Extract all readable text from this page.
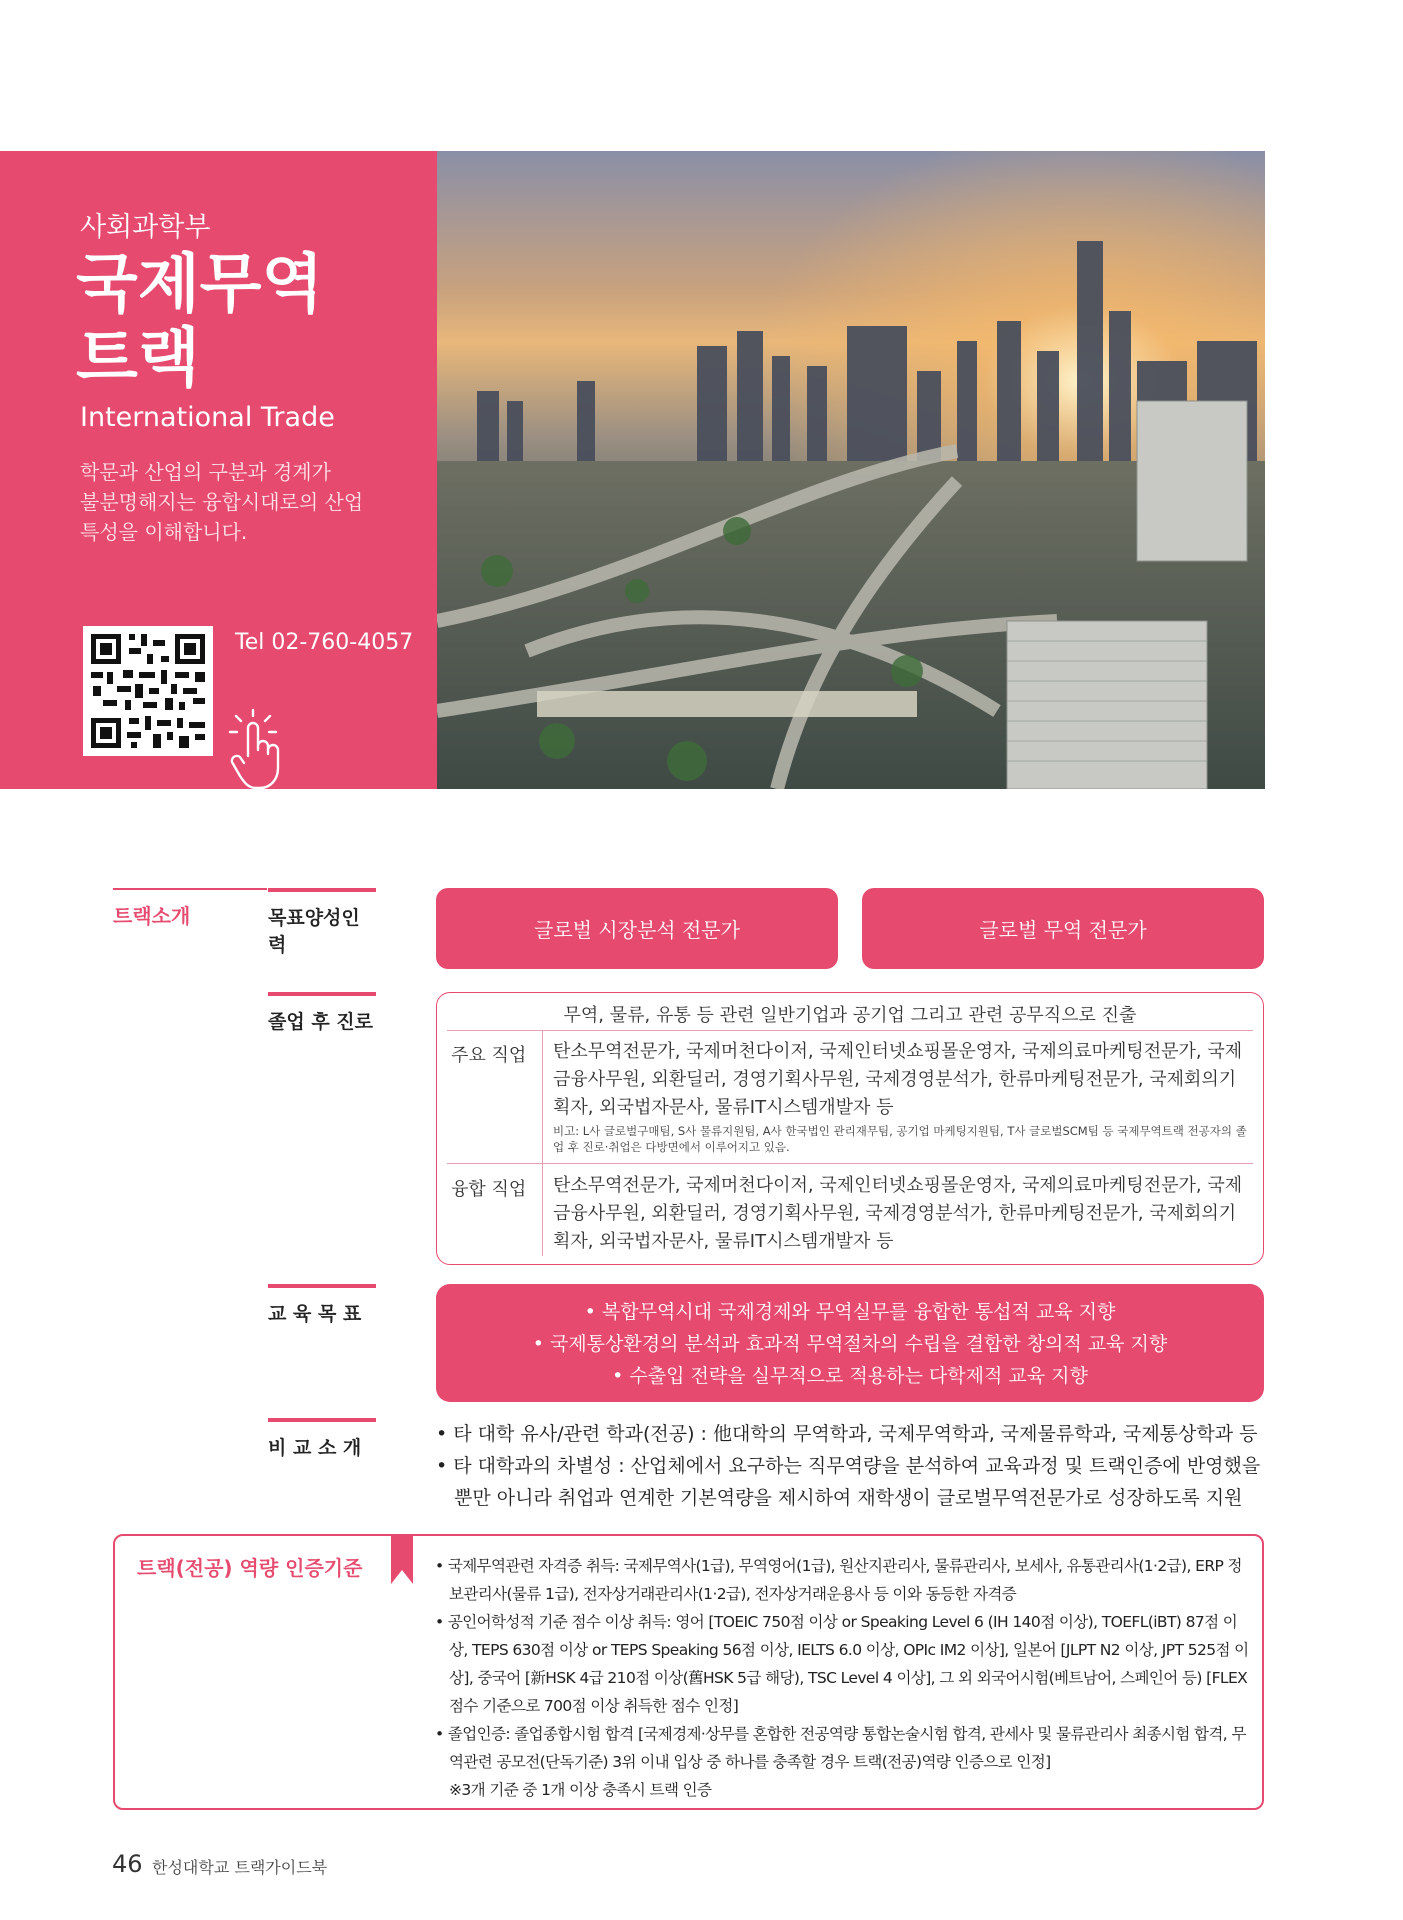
사회과학부
국제무역
트랙
International Trade
학문과 산업의 구분과 경계가
불분명해지는 융합시대로의 산업
특성을 이해합니다.
Tel 02-760-4057
트랙소개	목표양성인력
글로벌 시장분석 전문가	글로벌 무역 전문가
졸업 후 진로	무역, 물류, 유통 등 관련 일반기업과 공기업 그리고 관련 공무직으로 진출
주요 직업 탄소무역전문가, 국제머천다이저, 국제인터넷쇼핑몰운영자, 국제의료마케팅전문가, 국제금융사무원, 외환딜러, 경영기획사무원, 국제경영분석가, 한류마케팅전문가, 국제회의기획자, 외국법자문사, 물류IT시스템개발자 등
비고: L사 글로벌구매팀, S사 물류지원팀, A사 한국법인 관리재무팀, 공기업 마케팅지원팀, T사 글로벌SCM팀 등 국제무역트랙 전공자의 졸업 후 진로·취업은 다방면에서 이루어지고 있음.
융합 직업 탄소무역전문가, 국제머천다이저, 국제인터넷쇼핑몰운영자, 국제의료마케팅전문가, 국제금융사무원, 외환딜러, 경영기획사무원, 국제경영분석가, 한류마케팅전문가, 국제회의기획자, 외국법자문사, 물류IT시스템개발자 등
교 육 목 표	• 복합무역시대 국제경제와 무역실무를 융합한 통섭적 교육 지향
• 국제통상환경의 분석과 효과적 무역절차의 수립을 결합한 창의적 교육 지향
• 수출입 전략을 실무적으로 적용하는 다학제적 교육 지향
비 교 소 개
• 타 대학 유사/관련 학과(전공) : 他대학의 무역학과, 국제무역학과, 국제물류학과, 국제통상학과 등
• 타 대학과의 차별성 : 산업체에서 요구하는 직무역량을 분석하여 교육과정 및 트랙인증에 반영했을 뿐만 아니라 취업과 연계한 기본역량을 제시하여 재학생이 글로벌무역전문가로 성장하도록 지원
트랙(전공) 역량 인증기준	• 국제무역관련 자격증 취득: 국제무역사(1급), 무역영어(1급), 원산지관리사, 물류관리사, 보세사, 유통관리사(1·2급), ERP 정보관리사(물류 1급), 전자상거래관리사(1·2급), 전자상거래운용사 등 이와 동등한 자격증
• 공인어학성적 기준 점수 이상 취득: 영어 [TOEIC 750점 이상 or Speaking Level 6 (IH 140점 이상), TOEFL(iBT) 87점 이상, TEPS 630점 이상 or TEPS Speaking 56점 이상, IELTS 6.0 이상, OPIc IM2 이상], 일본어 [JLPT N2 이상, JPT 525점 이상], 중국어 [新HSK 4급 210점 이상(舊HSK 5급 해당), TSC Level 4 이상], 그 외 외국어시험(베트남어, 스페인어 등) [FLEX점수 기준으로 700점 이상 취득한 점수 인정]
• 졸업인증: 졸업종합시험 합격 [국제경제·상무를 혼합한 전공역량 통합논술시험 합격, 관세사 및 물류관리사 최종시험 합격, 무역관련 공모전(단독기준) 3위 이내 입상 중 하나를 충족할 경우 트랙(전공)역량 인증으로 인정]
※3개 기준 중 1개 이상 충족시 트랙 인증
46 한성대학교 트랙가이드북
